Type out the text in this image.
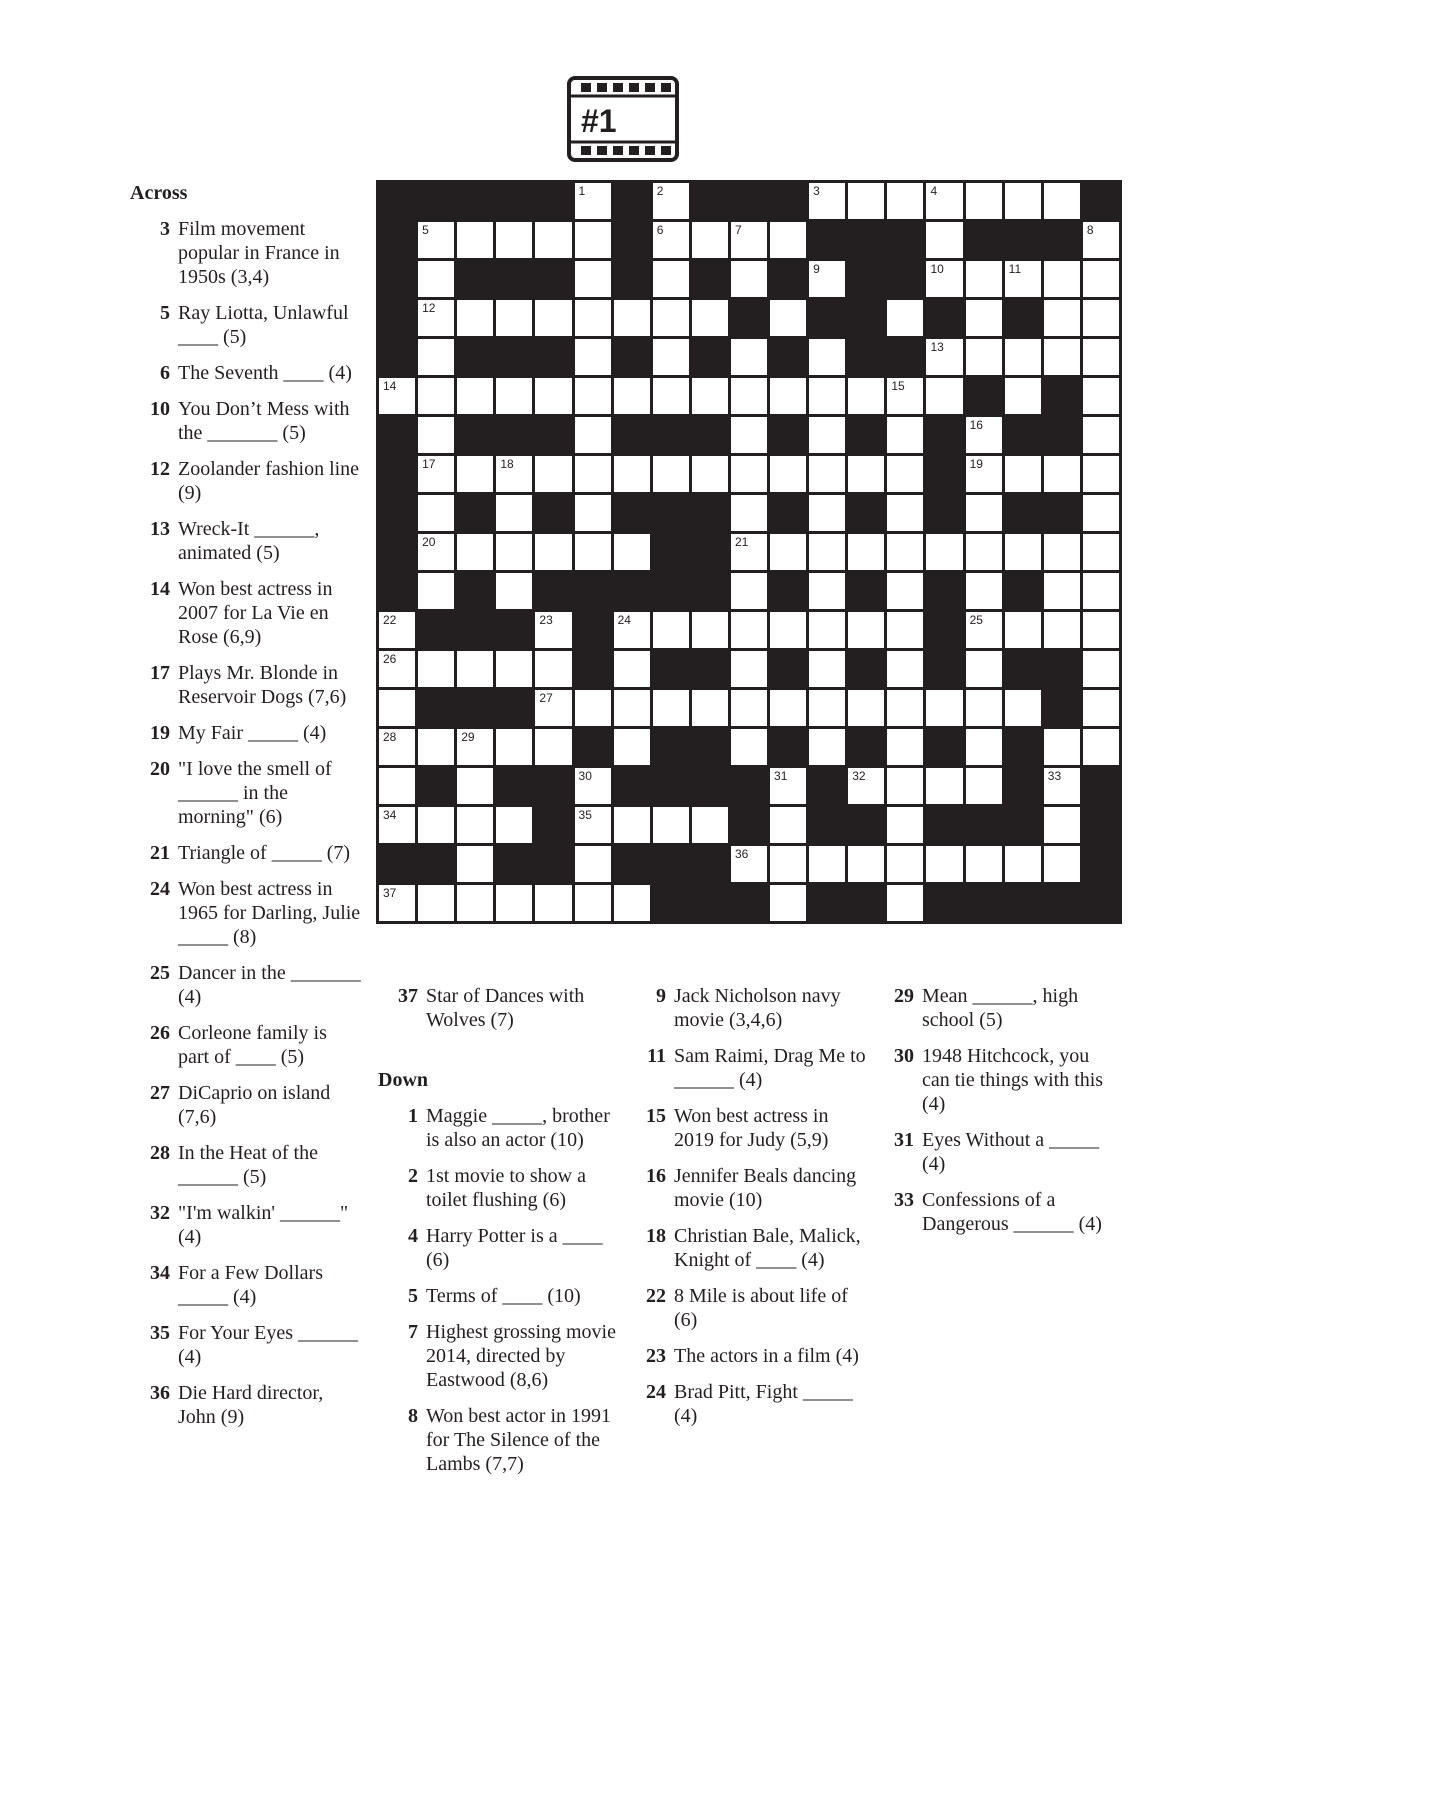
#1
1	2	3	4
5	6	7	8
9	10	11
12
13
14	15
16
17	18	19
20	21
22	23	24	25
26
27
28	29
30	31	32	33
34	35
36
37
Across
3 Film movement popular in France in 1950s (3,4)
5 Ray Liotta, Unlawful ____ (5)
6 The Seventh ____ (4)
10 You Don’t Mess with the _______ (5)
12 Zoolander fashion line (9)
13 Wreck-It ______, animated (5)
14 Won best actress in 2007 for La Vie en Rose (6,9)
17 Plays Mr. Blonde in Reservoir Dogs (7,6)
19 My Fair _____ (4)
20 "I love the smell of ______ in the morning" (6)
21 Triangle of _____ (7)
24 Won best actress in 1965 for Darling, Julie _____ (8)
25 Dancer in the _______ (4)
26 Corleone family is part of ____ (5)
27 DiCaprio on island (7,6)
28 In the Heat of the ______ (5)
32 "I'm walkin' ______" (4)
34 For a Few Dollars _____ (4)
35 For Your Eyes ______ (4)
36 Die Hard director, John (9)
37 Star of Dances with Wolves (7)
Down
1 Maggie _____, brother is also an actor (10)
2 1st movie to show a toilet flushing (6)
4 Harry Potter is a ____ (6)
5 Terms of ____ (10)
7 Highest grossing movie 2014, directed by Eastwood (8,6)
8 Won best actor in 1991 for The Silence of the Lambs (7,7)
9 Jack Nicholson navy movie (3,4,6)
11 Sam Raimi, Drag Me to ______ (4)
15 Won best actress in 2019 for Judy (5,9)
16 Jennifer Beals dancing movie (10)
18 Christian Bale, Malick, Knight of ____ (4)
22 8 Mile is about life of (6)
23 The actors in a film (4)
24 Brad Pitt, Fight _____ (4)
29 Mean ______, high school (5)
30 1948 Hitchcock, you can tie things with this (4)
31 Eyes Without a _____ (4)
33 Confessions of a Dangerous ______ (4)
